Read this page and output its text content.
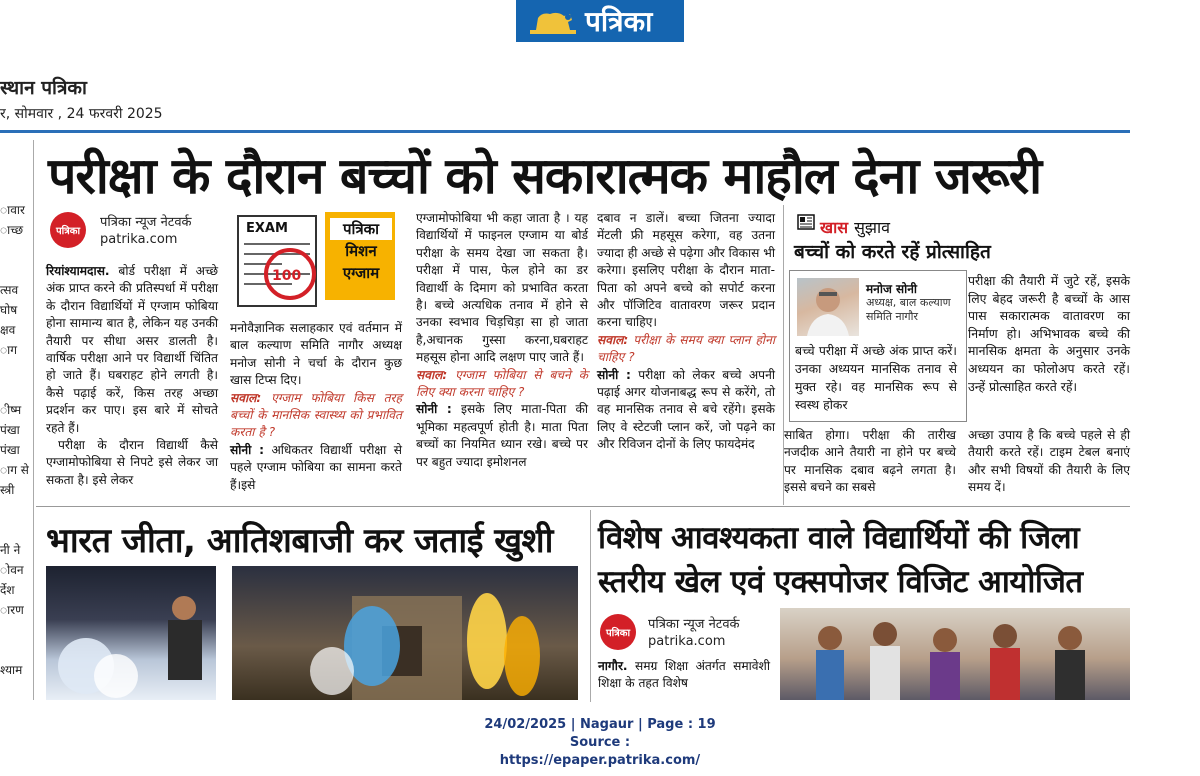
पत्रिका
स्थान पत्रिका
र, सोमवार , 24 फरवरी 2025
ावार
ाच्छ
त्सव
घोष
क्षव
ाग
ीष्म
पंखा
पंखा
ाग से
स्त्री
नी ने
ोवन
र्देश
ारण
श्याम
परीक्षा के दौरान बच्चों को सकारात्मक माहौल देना जरूरी
पत्रिका
पत्रिका न्यूज नेटवर्क
patrika.com
रियांश्यामदास. बोर्ड परीक्षा में अच्छे अंक प्राप्त करने की प्रतिस्पर्धा में परीक्षा के दौरान विद्यार्थियों में एग्जाम फोबिया होना सामान्य बात है, लेकिन यह उनकी तैयारी पर सीधा असर डालती है। वार्षिक परीक्षा आने पर विद्यार्थी चिंतित हो जाते हैं। घबराहट होने लगती है। कैसे पढ़ाई करें, किस तरह अच्छा प्रदर्शन कर पाए। इस बारे में सोचते रहते हैं।
परीक्षा के दौरान विद्यार्थी कैसे एग्जामोफोबिया से निपटे इसे लेकर जा सकता है। इसे लेकर
EXAM
100
पत्रिका
मिशन
एग्जाम
मनोवैज्ञानिक सलाहकार एवं वर्तमान में बाल कल्याण समिति नागौर अध्यक्ष मनोज सोनी ने चर्चा के दौरान कुछ खास टिप्स दिए।
सवाल: एग्जाम फोबिया किस तरह बच्चों के मानसिक स्वास्थ्य को प्रभावित करता है ?
सोनी : अधिकतर विद्यार्थी परीक्षा से पहले एग्जाम फोबिया का सामना करते हैं।इसे
एग्जामोफोबिया भी कहा जाता है । यह विद्यार्थियों में फाइनल एग्जाम या बोर्ड परीक्षा के समय देखा जा सकता है। परीक्षा में पास, फेल होने का डर विद्यार्थी के दिमाग को प्रभावित करता है। बच्चे अत्यधिक तनाव में होने से उनका स्वभाव चिड़चिड़ा सा हो जाता है,अचानक गुस्सा करना,घबराहट महसूस होना आदि लक्षण पाए जाते हैं।
सवाल: एग्जाम फोबिया से बचने के लिए क्या करना चाहिए ?
सोनी : इसके लिए माता-पिता की भूमिका महत्वपूर्ण होती है। माता पिता बच्चों का नियमित ध्यान रखे। बच्चे पर पर बहुत ज्यादा इमोशनल
दबाव न डालें। बच्चा जितना ज्यादा मेंटली फ्री महसूस करेगा, वह उतना ज्यादा ही अच्छे से पढ़ेगा और विकास भी करेगा। इसलिए परीक्षा के दौरान माता-पिता को अपने बच्चे को सपोर्ट करना और पॉजिटिव वातावरण जरूर प्रदान करना चाहिए।
सवाल: परीक्षा के समय क्या प्लान होना चाहिए ?
सोनी : परीक्षा को लेकर बच्चे अपनी पढ़ाई अगर योजनाबद्ध रूप से करेंगे, तो वह मानसिक तनाव से बचे रहेंगे। इसके लिए वे स्टेटजी प्लान करें, जो पढ़ने का और रिविजन दोनों के लिए फायदेमंद
खास सुझाव
बच्चों को करते रहें प्रोत्साहित
मनोज सोनी
अध्यक्ष, बाल कल्याण समिति नागौर
बच्चे परीक्षा में अच्छे अंक प्राप्त करें। उनका अध्ययन मानसिक तनाव से मुक्त रहे। वह मानसिक रूप से स्वस्थ होकर
परीक्षा की तैयारी में जुटे रहें, इसके लिए बेहद जरूरी है बच्चों के आस पास सकारात्मक वातावरण का निर्माण हो। अभिभावक बच्चे की मानसिक क्षमता के अनुसार उनके अध्ययन का फोलोअप करते रहें। उन्हें प्रोत्साहित करते रहें।
साबित होगा। परीक्षा की तारीख नजदीक आने तैयारी ना होने पर बच्चे पर मानसिक दबाव बढ़ने लगता है। इससे बचने का सबसे
अच्छा उपाय है कि बच्चे पहले से ही तैयारी करते रहें। टाइम टेबल बनाएं और सभी विषयों की तैयारी के लिए समय दें।
भारत जीता, आतिशबाजी कर जताई खुशी विशेष आवश्यकता वाले विद्यार्थियों की जिला
स्तरीय खेल एवं एक्सपोजर विजिट आयोजित
पत्रिका
पत्रिका न्यूज नेटवर्क
patrika.com
नागौर. समग्र शिक्षा अंतर्गत समावेशी शिक्षा के तहत विशेष
24/02/2025 | Nagaur | Page : 19
Source : https://epaper.patrika.com/
